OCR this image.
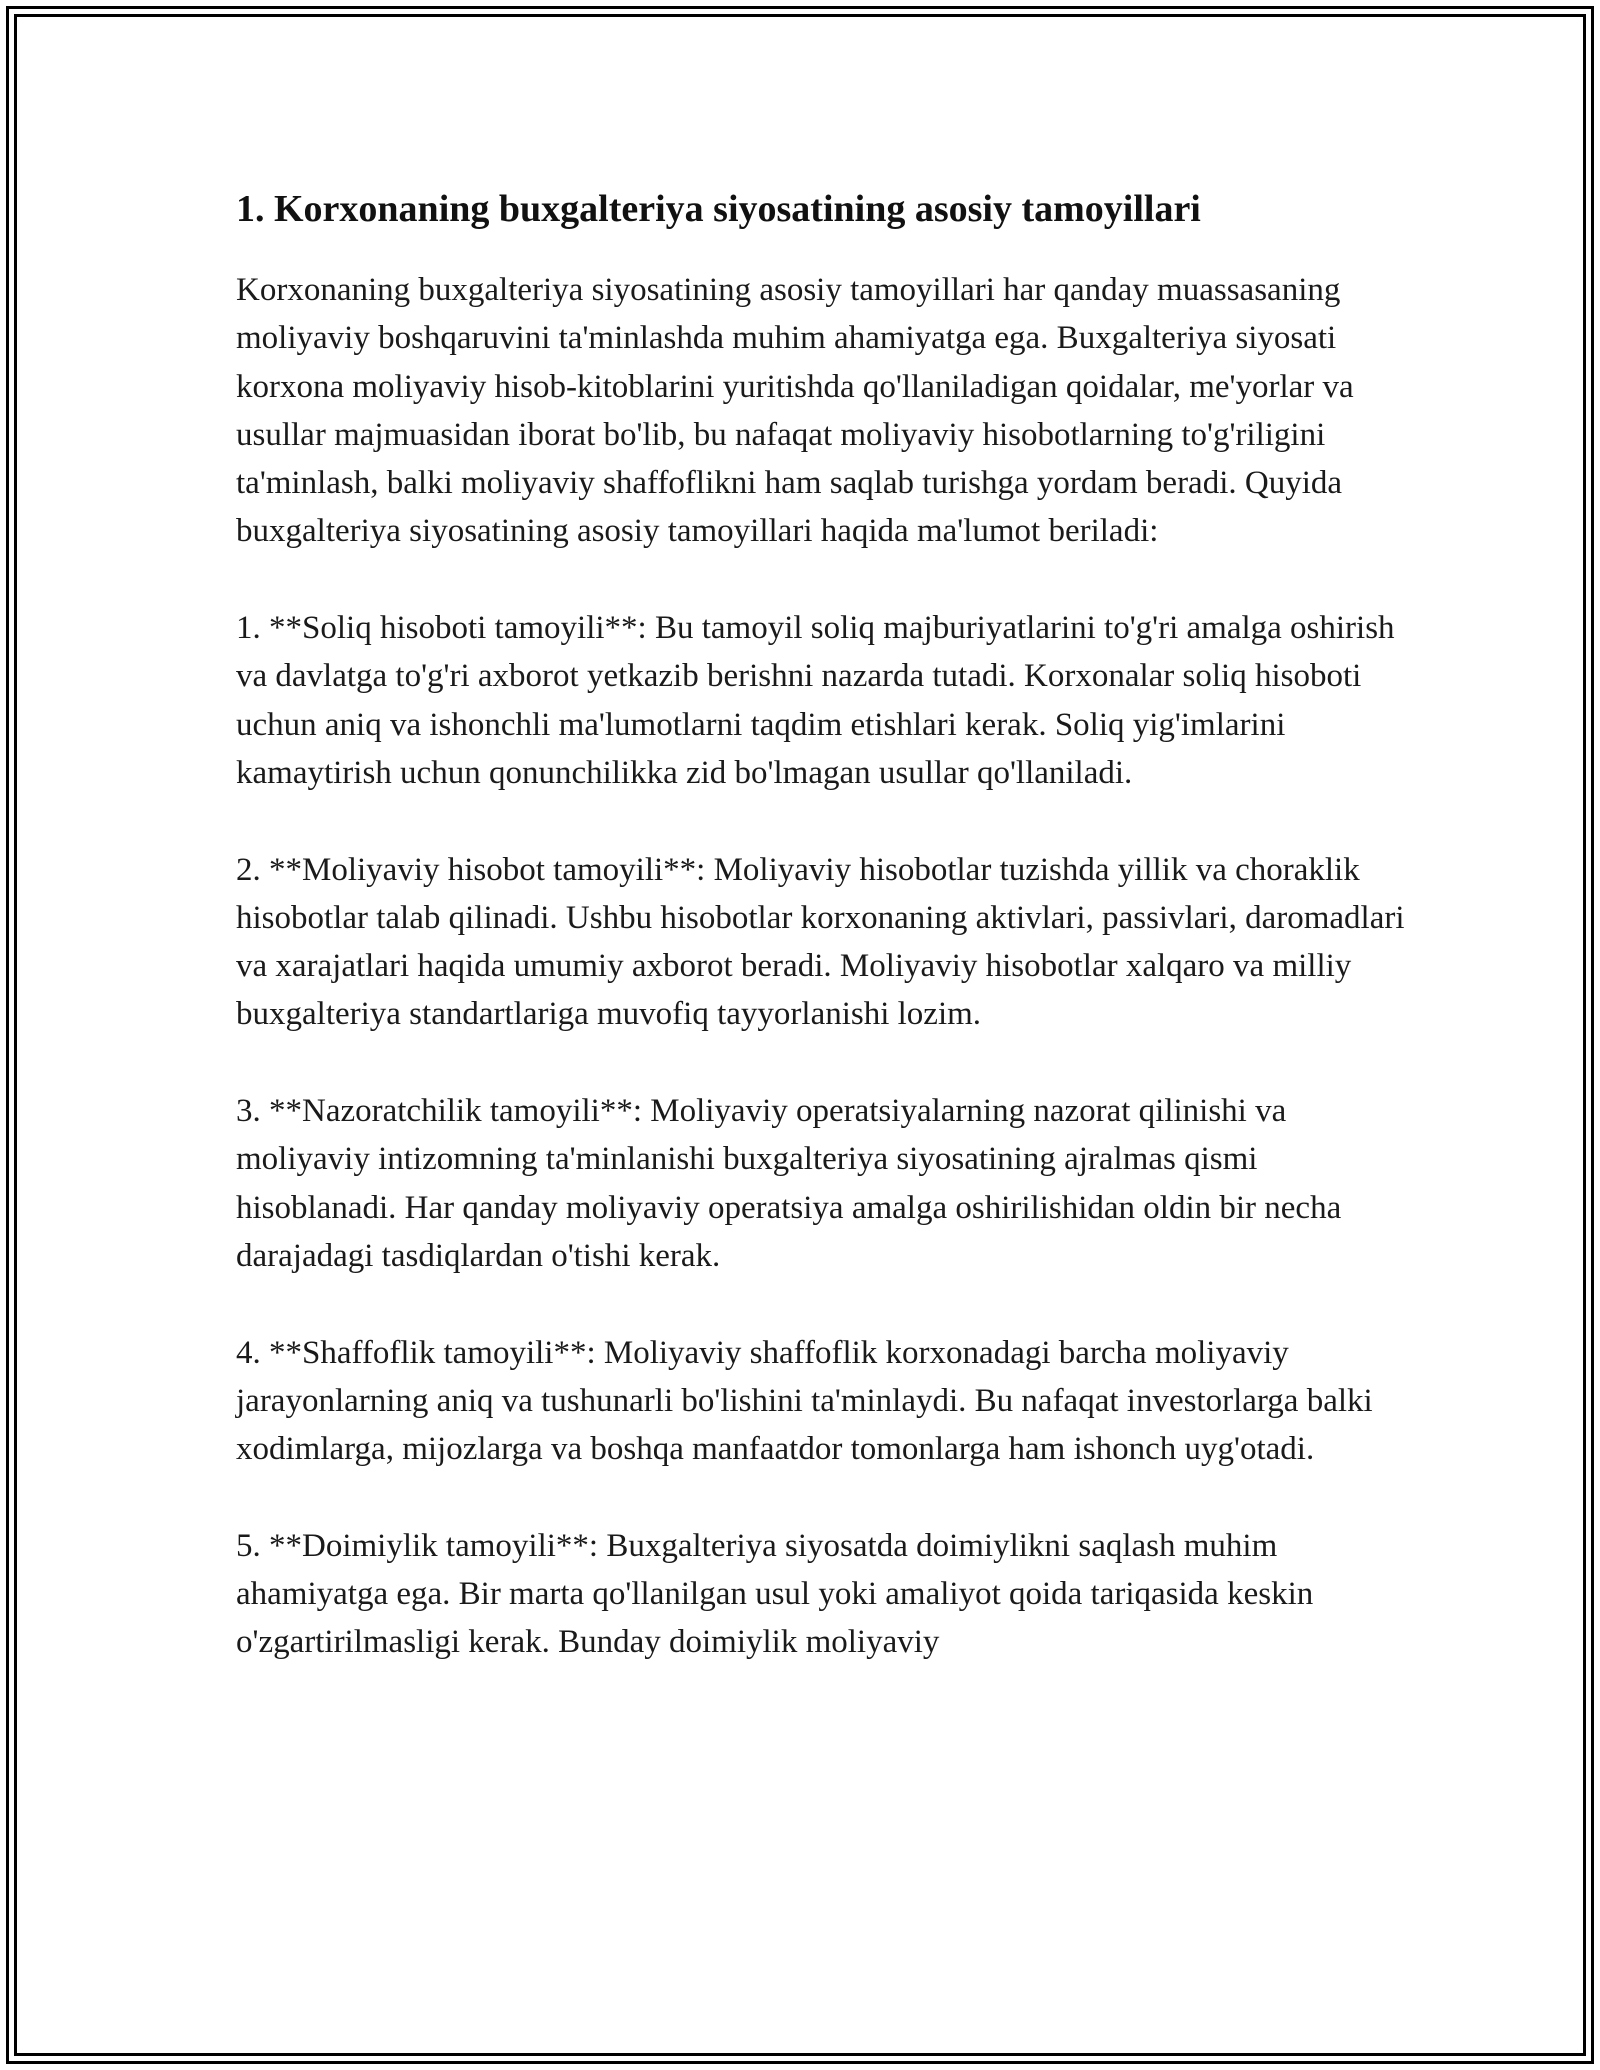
1. Korxonaning buxgalteriya siyosatining asosiy tamoyillari

Korxonaning buxgalteriya siyosatining asosiy tamoyillari har qanday muassasaning moliyaviy boshqaruvini ta'minlashda muhim ahamiyatga ega. Buxgalteriya siyosati korxona moliyaviy hisob-kitoblarini yuritishda qo'llaniladigan qoidalar, me'yorlar va usullar majmuasidan iborat bo'lib, bu nafaqat moliyaviy hisobotlarning to'g'riligini ta'minlash, balki moliyaviy shaffoflikni ham saqlab turishga yordam beradi. Quyida buxgalteriya siyosatining asosiy tamoyillari haqida ma'lumot beriladi:

1. **Soliq hisoboti tamoyili**: Bu tamoyil soliq majburiyatlarini to'g'ri amalga oshirish va davlatga to'g'ri axborot yetkazib berishni nazarda tutadi. Korxonalar soliq hisoboti uchun aniq va ishonchli ma'lumotlarni taqdim etishlari kerak. Soliq yig'imlarini kamaytirish uchun qonunchilikka zid bo'lmagan usullar qo'llaniladi.

2. **Moliyaviy hisobot tamoyili**: Moliyaviy hisobotlar tuzishda yillik va choraklik hisobotlar talab qilinadi. Ushbu hisobotlar korxonaning aktivlari, passivlari, daromadlari va xarajatlari haqida umumiy axborot beradi. Moliyaviy hisobotlar xalqaro va milliy buxgalteriya standartlariga muvofiq tayyorlanishi lozim.

3. **Nazoratchilik tamoyili**: Moliyaviy operatsiyalarning nazorat qilinishi va moliyaviy intizomning ta'minlanishi buxgalteriya siyosatining ajralmas qismi hisoblanadi. Har qanday moliyaviy operatsiya amalga oshirilishidan oldin bir necha darajadagi tasdiqlardan o'tishi kerak.

4. **Shaffoflik tamoyili**: Moliyaviy shaffoflik korxonadagi barcha moliyaviy jarayonlarning aniq va tushunarli bo'lishini ta'minlaydi. Bu nafaqat investorlarga balki xodimlarga, mijozlarga va boshqa manfaatdor tomonlarga ham ishonch uyg'otadi.

5. **Doimiylik tamoyili**: Buxgalteriya siyosatda doimiylikni saqlash muhim ahamiyatga ega. Bir marta qo'llanilgan usul yoki amaliyot qoida tariqasida keskin o'zgartirilmasligi kerak. Bunday doimiylik moliyaviy
